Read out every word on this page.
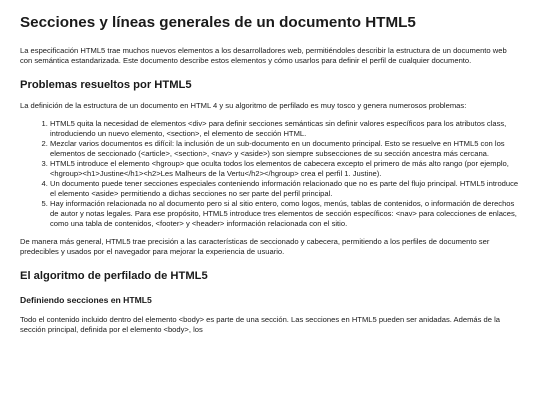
Secciones y líneas generales de un documento HTML5

La especificación HTML5 trae muchos nuevos elementos a los desarrolladores web, permitiéndoles describir la estructura de un documento web con semántica estandarizada. Este documento describe estos elementos y cómo usarlos para definir el perfil de cualquier documento.

Problemas resueltos por HTML5

La definición de la estructura de un documento en HTML 4 y su algoritmo de perfilado es muy tosco y genera numerosos problemas:

1. HTML5 quita la necesidad de elementos <div> para definir secciones semánticas sin definir valores específicos para los atributos class, introduciendo un nuevo elemento, <section>, el elemento de sección HTML.
2. Mezclar varios documentos es difícil: la inclusión de un sub-documento en un documento principal. Esto se resuelve en HTML5 con los elementos de seccionado (<article>, <section>, <nav> y <aside>) son siempre subsecciones de su sección ancestra más cercana.
3. HTML5 introduce el elemento <hgroup> que oculta todos los elementos de cabecera excepto el primero de más alto rango (por ejemplo, <hgroup><h1>Justine</h1><h2>Les Malheurs de la Vertu</h2></hgroup> crea el perfil 1. Justine).
4. Un documento puede tener secciones especiales conteniendo información relacionado que no es parte del flujo principal. HTML5 introduce el elemento <aside> permitiendo a dichas secciones no ser parte del perfil principal.
5. Hay información relacionada no al documento pero si al sitio entero, como logos, menús, tablas de contenidos, o información de derechos de autor y notas legales. Para ese propósito, HTML5 introduce tres elementos de sección específicos: <nav> para colecciones de enlaces, como una tabla de contenidos, <footer> y <header> información relacionada con el sitio.

De manera más general, HTML5 trae precisión a las características de seccionado y cabecera, permitiendo a los perfiles de documento ser predecibles y usados por el navegador para mejorar la experiencia de usuario.

El algoritmo de perfilado de HTML5
Definiendo secciones en HTML5

Todo el contenido incluido dentro del elemento <body> es parte de una sección. Las secciones en HTML5 pueden ser anidadas. Además de la sección principal, definida por el elemento <body>, los
